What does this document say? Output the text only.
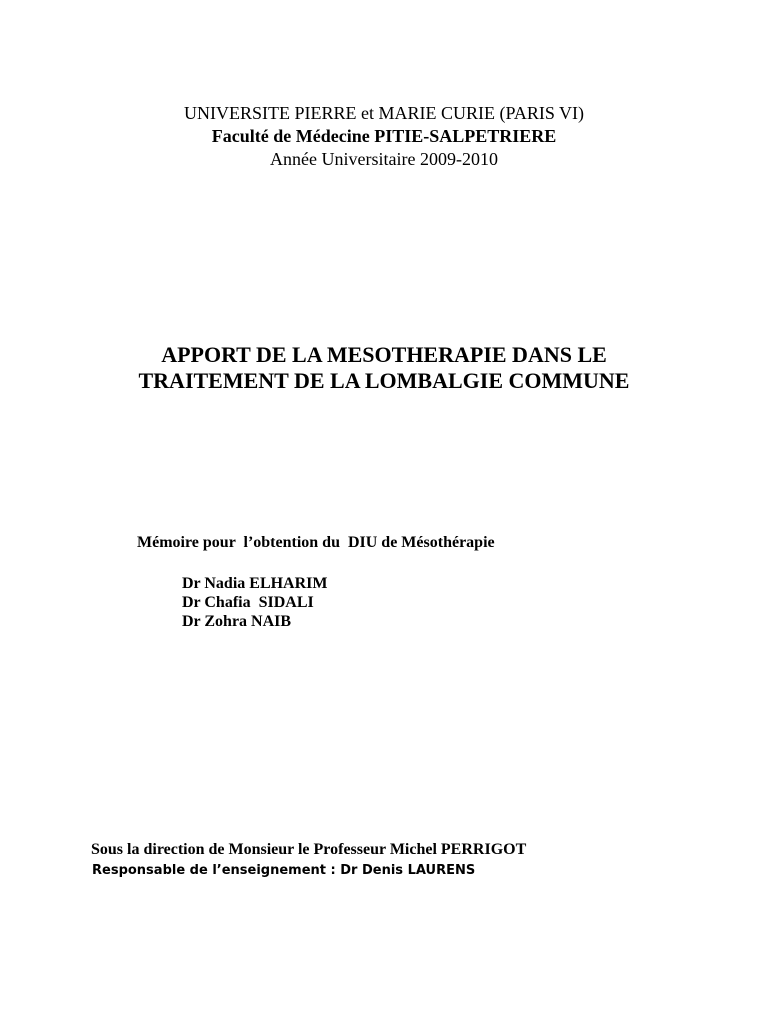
UNIVERSITE PIERRE et MARIE CURIE (PARIS VI)
Faculté de Médecine PITIE-SALPETRIERE
Année Universitaire 2009-2010
APPORT DE LA MESOTHERAPIE DANS LE
TRAITEMENT DE LA LOMBALGIE COMMUNE
Mémoire pour  l’obtention du  DIU de Mésothérapie
Dr Nadia ELHARIM
Dr Chafia  SIDALI
Dr Zohra NAIB
Sous la direction de Monsieur le Professeur Michel PERRIGOT
Responsable de l’enseignement : Dr Denis LAURENS
